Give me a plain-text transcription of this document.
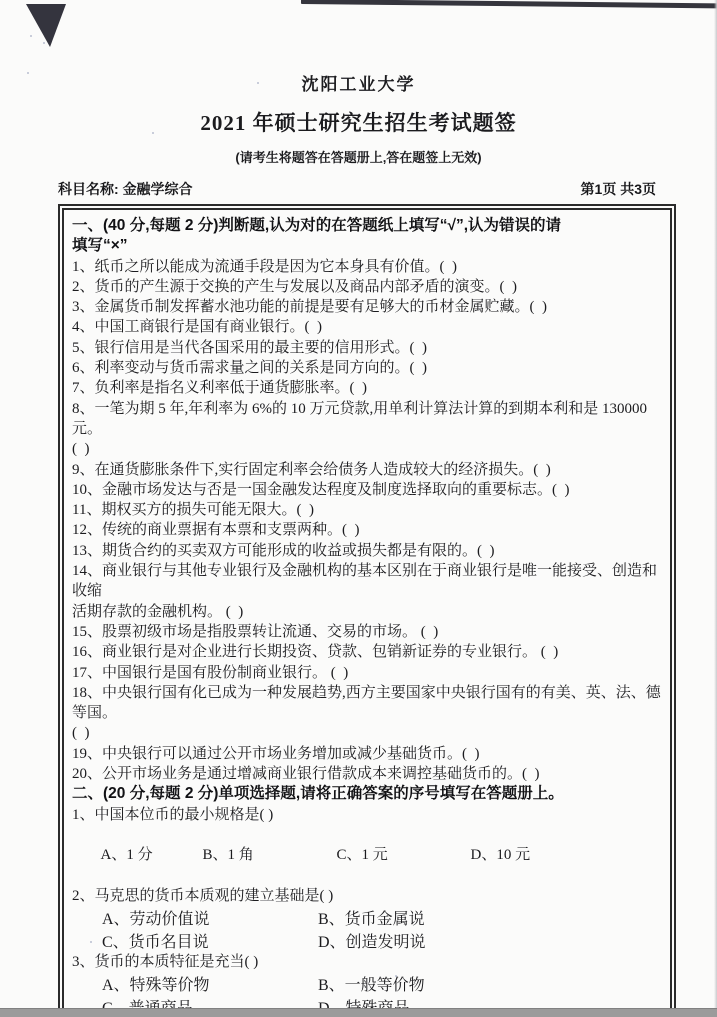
沈阳工业大学
2021 年硕士研究生招生考试题签
(请考生将题答在答题册上,答在题签上无效)
科目名称: 金融学综合	第1页 共3页
一、(40 分,每题 2 分)判断题,认为对的在答题纸上填写“√”,认为错误的请
填写“×”
1、纸币之所以能成为流通手段是因为它本身具有价值。(  )
2、货币的产生源于交换的产生与发展以及商品内部矛盾的演变。(  )
3、金属货币制发挥蓄水池功能的前提是要有足够大的币材金属贮藏。(  )
4、中国工商银行是国有商业银行。(  )
5、银行信用是当代各国采用的最主要的信用形式。(  )
6、利率变动与货币需求量之间的关系是同方向的。(  )
7、负利率是指名义利率低于通货膨胀率。(  )
8、一笔为期 5 年,年利率为 6%的 10 万元贷款,用单利计算法计算的到期本利和是 130000 元。
(  )
9、在通货膨胀条件下,实行固定利率会给债务人造成较大的经济损失。(  )
10、金融市场发达与否是一国金融发达程度及制度选择取向的重要标志。(  )
11、期权买方的损失可能无限大。(  )
12、传统的商业票据有本票和支票两种。(  )
13、期货合约的买卖双方可能形成的收益或损失都是有限的。(  )
14、商业银行与其他专业银行及金融机构的基本区别在于商业银行是唯一能接受、创造和收缩
活期存款的金融机构。 (  )
15、股票初级市场是指股票转让流通、交易的市场。 (  )
16、商业银行是对企业进行长期投资、贷款、包销新证券的专业银行。 (  )
17、中国银行是国有股份制商业银行。 (  )
18、中央银行国有化已成为一种发展趋势,西方主要国家中央银行国有的有美、英、法、德等国。
(  )
19、中央银行可以通过公开市场业务增加或减少基础货币。(  )
20、公开市场业务是通过增减商业银行借款成本来调控基础货币的。(  )
二、(20 分,每题 2 分)单项选择题,请将正确答案的序号填写在答题册上。
1、中国本位币的最小规格是( )

A、1 分	B、1 角	C、1 元	D、10 元

2、马克思的货币本质观的建立基础是( )
A、劳动价值说	B、货币金属说
C、货币名目说	D、创造发明说
3、货币的本质特征是充当( )
A、特殊等价物	B、一般等价物
